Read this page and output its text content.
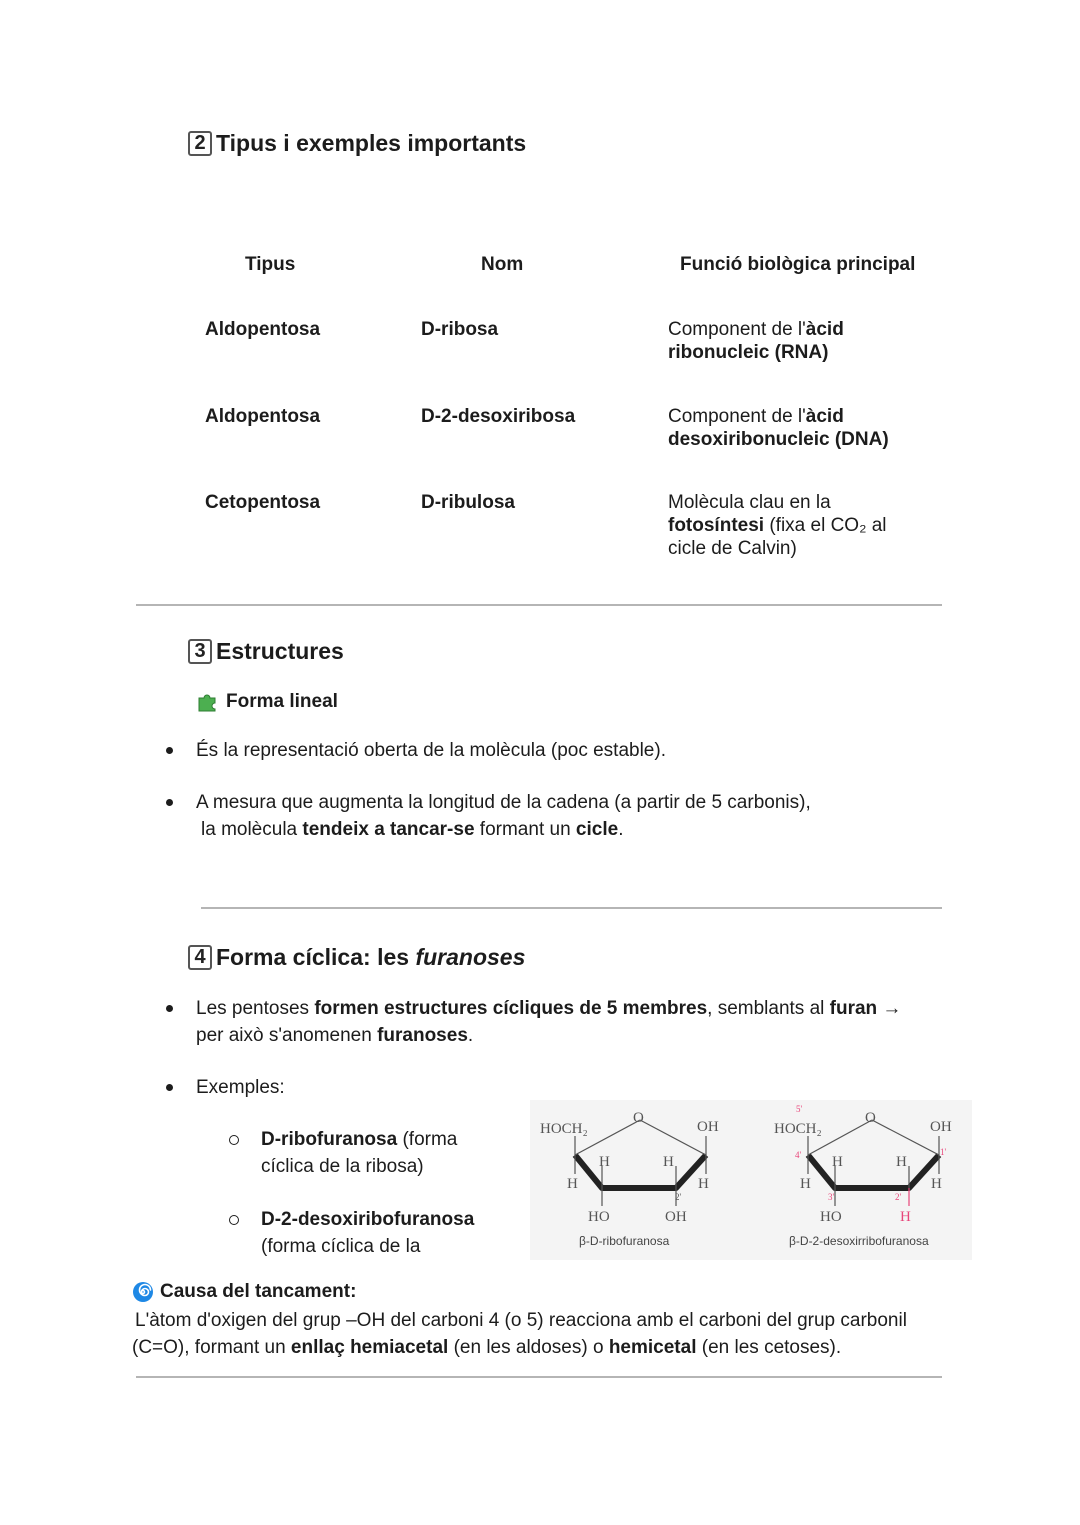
2 Tipus i exemples importants
Tipus	Nom	Funció biològica principal
Aldopentosa	D-ribosa	Component de l'àcid
ribonucleic (RNA)
Aldopentosa	D-2-desoxiribosa	Component de l'àcid
desoxiribonucleic (DNA)
Cetopentosa	D-ribulosa	Molècula clau en la
fotosíntesi (fixa el CO₂ al
cicle de Calvin)
3 Estructures
Forma lineal
És la representació oberta de la molècula (poc estable).
A mesura que augmenta la longitud de la cadena (a partir de 5 carbonis),
la molècula tendeix a tancar-se formant un cicle.
4 Forma cíclica: les furanoses
Les pentoses formen estructures cícliques de 5 membres, semblants al furan →
per això s'anomenen furanoses.
Exemples:
D-ribofuranosa (forma
cíclica de la ribosa)
D-2-desoxiribofuranosa
(forma cíclica de la
HOCH₂
O
OH
H
H	H
H
2'
HO	OH
β-D-ribofuranosa
5'
HOCH₂
O
OH
4'	1'
H
H	H
H
3'	2'
HO	H
β-D-2-desoxirribofuranosa
Causa del tancament:
L'àtom d'oxigen del grup –OH del carboni 4 (o 5) reacciona amb el carboni del grup carbonil
(C=O), formant un enllaç hemiacetal (en les aldoses) o hemicetal (en les cetoses).
